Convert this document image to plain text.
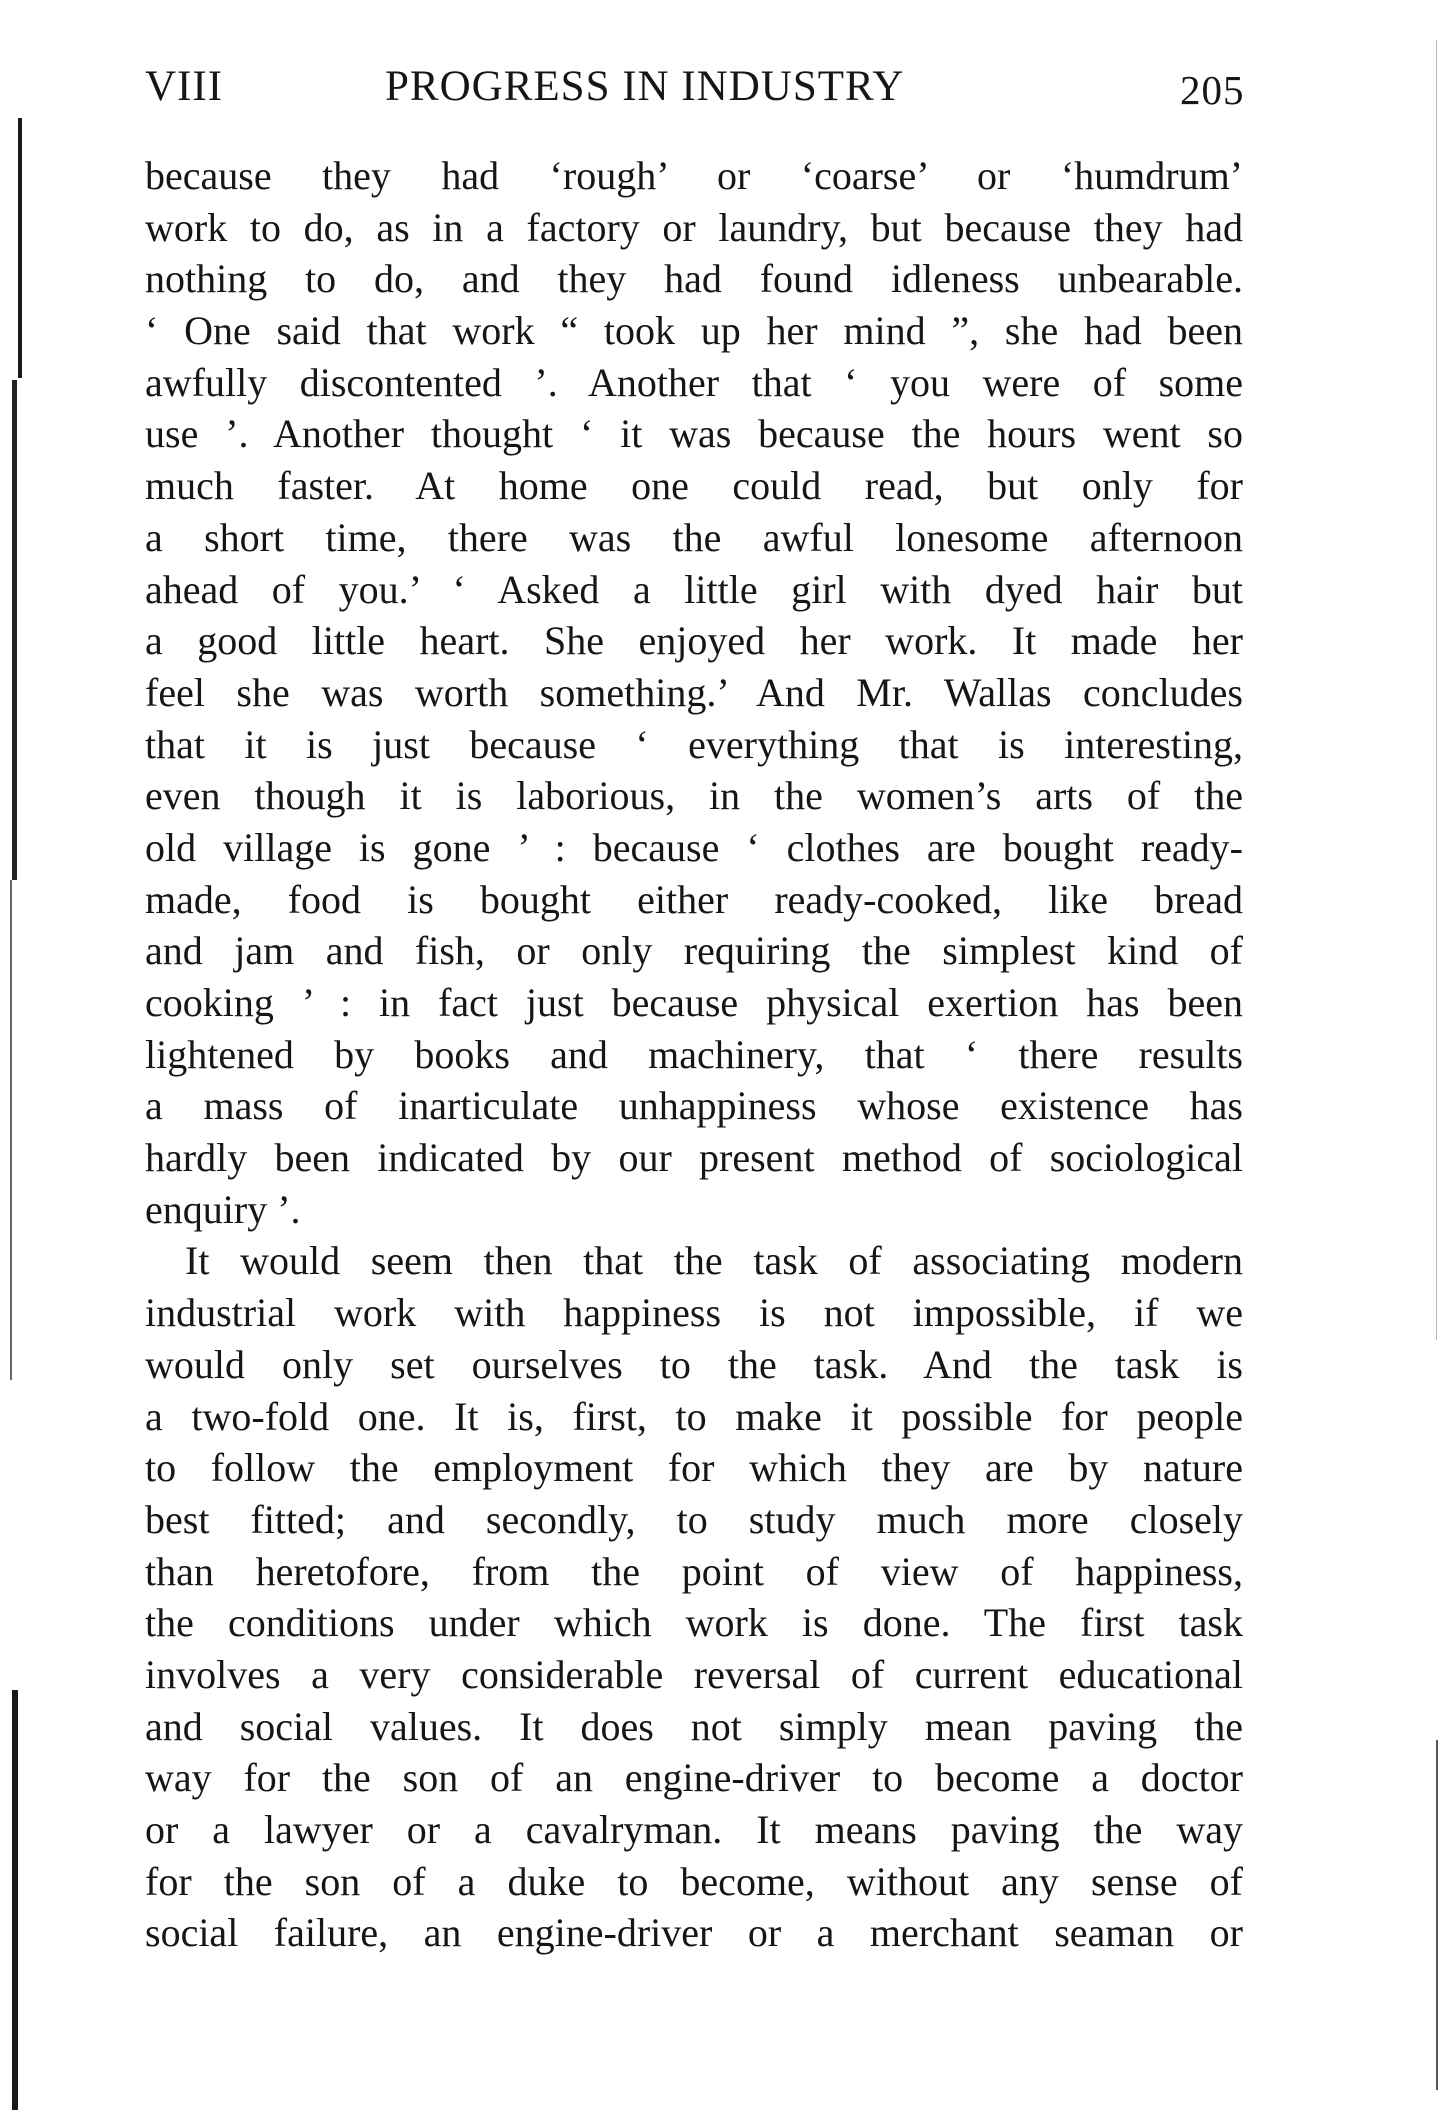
VIII	PROGRESS IN INDUSTRY	205
because they had ‘rough’ or ‘coarse’ or ‘humdrum’
work to do, as in a factory or laundry, but because they had
nothing to do, and they had found idleness unbearable.
‘ One said that work “ took up her mind ”, she had been
awfully discontented ’. Another that ‘ you were of some
use ’. Another thought ‘ it was because the hours went so
much faster. At home one could read, but only for
a short time, there was the awful lonesome afternoon
ahead of you.’ ‘ Asked a little girl with dyed hair but
a good little heart. She enjoyed her work. It made her
feel she was worth something.’ And Mr. Wallas concludes
that it is just because ‘ everything that is interesting,
even though it is laborious, in the women’s arts of the
old village is gone ’ : because ‘ clothes are bought ready-
made, food is bought either ready-cooked, like bread
and jam and fish, or only requiring the simplest kind of
cooking ’ : in fact just because physical exertion has been
lightened by books and machinery, that ‘ there results
a mass of inarticulate unhappiness whose existence has
hardly been indicated by our present method of sociological
enquiry ’.
It would seem then that the task of associating modern
industrial work with happiness is not impossible, if we
would only set ourselves to the task. And the task is
a two-fold one. It is, first, to make it possible for people
to follow the employment for which they are by nature
best fitted; and secondly, to study much more closely
than heretofore, from the point of view of happiness,
the conditions under which work is done. The first task
involves a very considerable reversal of current educational
and social values. It does not simply mean paving the
way for the son of an engine-driver to become a doctor
or a lawyer or a cavalryman. It means paving the way
for the son of a duke to become, without any sense of
social failure, an engine-driver or a merchant seaman or
